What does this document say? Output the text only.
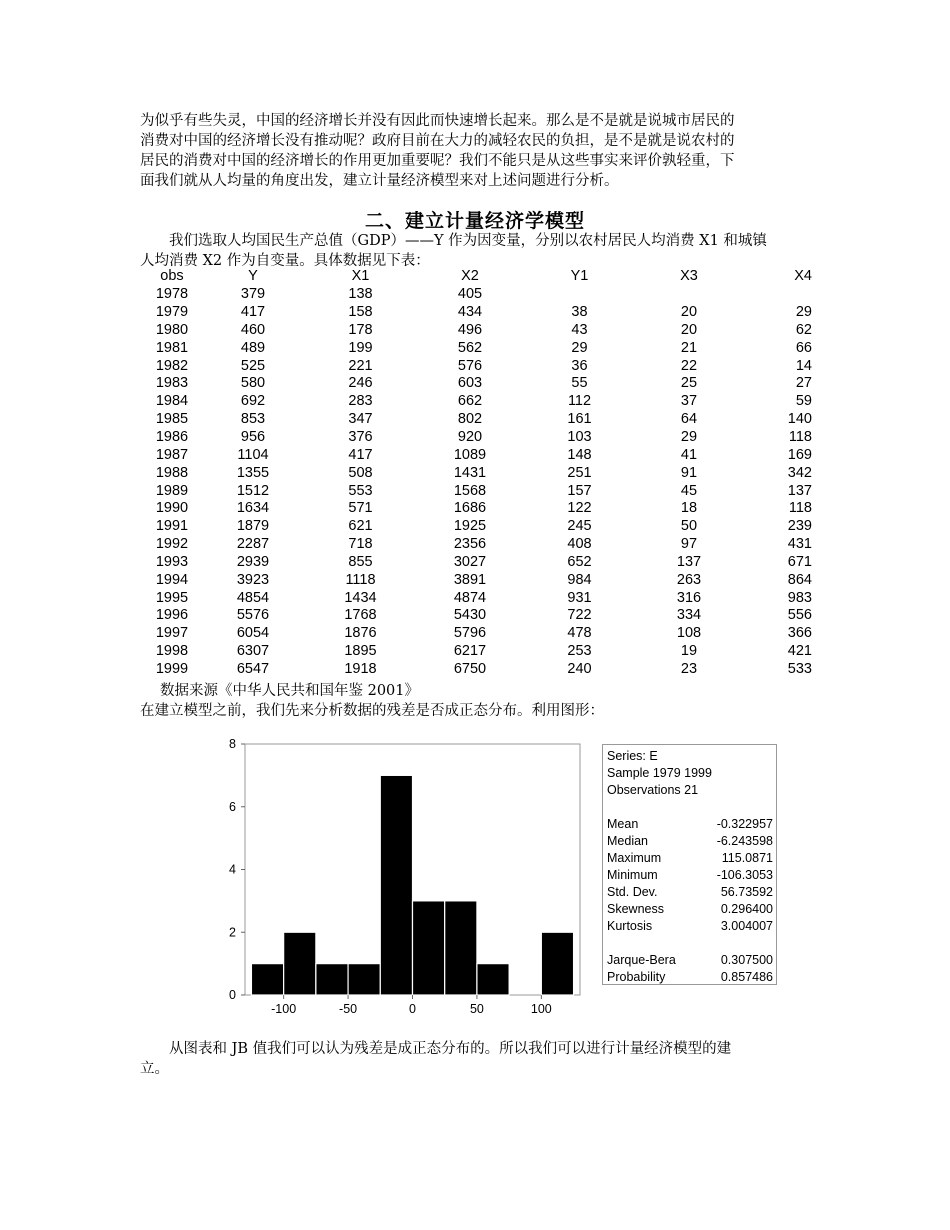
为似乎有些失灵，中国的经济增长并没有因此而快速增长起来。那么是不是就是说城市居民的

消费对中国的经济增长没有推动呢？政府目前在大力的减轻农民的负担，是不是就是说农村的

居民的消费对中国的经济增长的作用更加重要呢？我们不能只是从这些事实来评价孰轻重，下

面我们就从人均量的角度出发，建立计量经济模型来对上述问题进行分析。

二、建立计量经济学模型

我们选取人均国民生产总值（GDP）——Y 作为因变量，分别以农村居民人均消费 X1 和城镇

人均消费 X2 作为自变量。具体数据见下表：

obs	Y	X1	X2	Y1	X3	X4
1978	379	138	405			
1979	417	158	434	38	20	29
1980	460	178	496	43	20	62
1981	489	199	562	29	21	66
1982	525	221	576	36	22	14
1983	580	246	603	55	25	27
1984	692	283	662	112	37	59
1985	853	347	802	161	64	140
1986	956	376	920	103	29	118
1987	1104	417	1089	148	41	169
1988	1355	508	1431	251	91	342
1989	1512	553	1568	157	45	137
1990	1634	571	1686	122	18	118
1991	1879	621	1925	245	50	239
1992	2287	718	2356	408	97	431
1993	2939	855	3027	652	137	671
1994	3923	1118	3891	984	263	864
1995	4854	1434	4874	931	316	983
1996	5576	1768	5430	722	334	556
1997	6054	1876	5796	478	108	366
1998	6307	1895	6217	253	19	421
1999	6547	1918	6750	240	23	533

数据来源《中华人民共和国年鉴 2001》

在建立模型之前，我们先来分析数据的残差是否成正态分布。利用图形：

0
2
4
6
8
-100	-50	0	50	100
Series: E
Sample 1979 1999
Observations 21
Mean	-0.322957
Median	-6.243598
Maximum	115.0871
Minimum	-106.3053
Std. Dev.	56.73592
Skewness	0.296400
Kurtosis	3.004007
Jarque-Bera	0.307500
Probability	0.857486

从图表和 JB 值我们可以认为残差是成正态分布的。所以我们可以进行计量经济模型的建

立。
